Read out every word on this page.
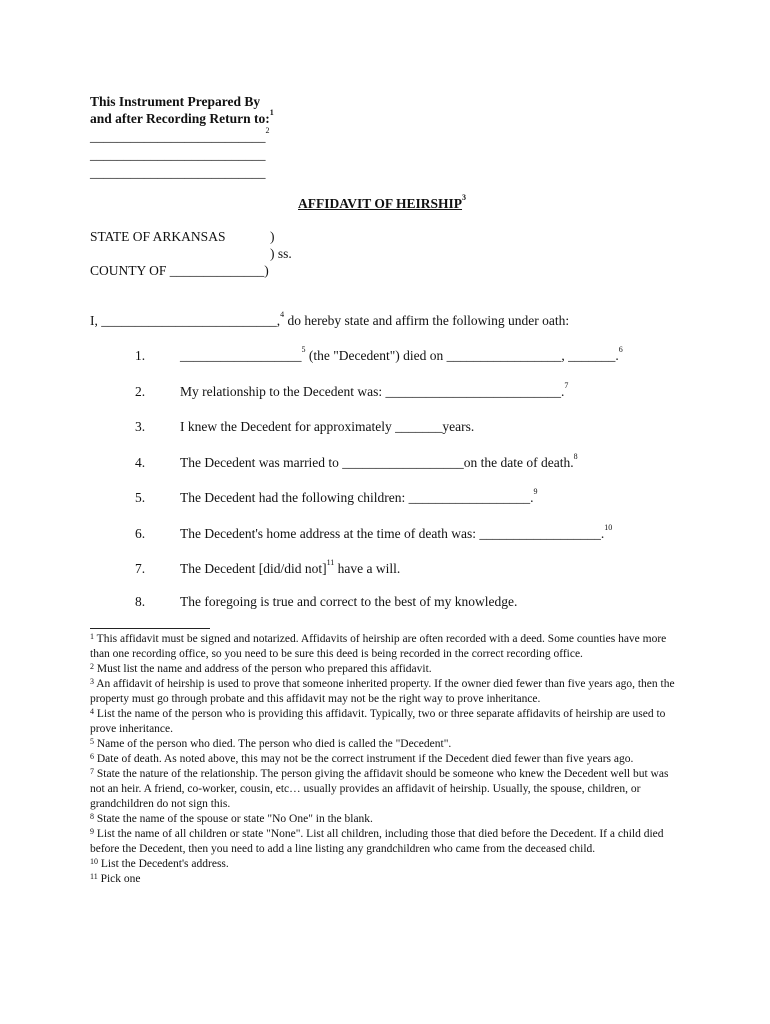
This Instrument Prepared By
and after Recording Return to:$^1$
__________________________$^2$
__________________________
__________________________
AFFIDAVIT OF HEIRSHIP$^3$
STATE OF ARKANSAS	)
) ss.
COUNTY OF ______________)
I, __________________________,$^4$ do hereby state and affirm the following under oath:
1.	__________________$^5$ (the "Decedent") died on _________________, _______.$^6$
2.	My relationship to the Decedent was: __________________________.$^7$
3.	I knew the Decedent for approximately _______years.
4.	The Decedent was married to __________________on the date of death.$^8$
5.	The Decedent had the following children: __________________.$^9$
6.	The Decedent's home address at the time of death was: __________________.$^{10}$
7.	The Decedent [did/did not]$^{11}$ have a will.
8.	The foregoing is true and correct to the best of my knowledge.

$^1$ This affidavit must be signed and notarized. Affidavits of heirship are often recorded with a deed. Some counties have more than one recording office, so you need to be sure this deed is being recorded in the correct recording office.

$^2$ Must list the name and address of the person who prepared this affidavit.

$^3$ An affidavit of heirship is used to prove that someone inherited property. If the owner died fewer than five years ago, then the property must go through probate and this affidavit may not be the right way to prove inheritance.

$^4$ List the name of the person who is providing this affidavit. Typically, two or three separate affidavits of heirship are used to prove inheritance.

$^5$ Name of the person who died. The person who died is called the "Decedent".

$^6$ Date of death. As noted above, this may not be the correct instrument if the Decedent died fewer than five years ago.

$^7$ State the nature of the relationship. The person giving the affidavit should be someone who knew the Decedent well but was not an heir. A friend, co-worker, cousin, etc… usually provides an affidavit of heirship. Usually, the spouse, children, or grandchildren do not sign this.

$^8$ State the name of the spouse or state "No One" in the blank.

$^9$ List the name of all children or state "None". List all children, including those that died before the Decedent. If a child died before the Decedent, then you need to add a line listing any grandchildren who came from the deceased child.

$^{10}$ List the Decedent's address.

$^{11}$ Pick one
